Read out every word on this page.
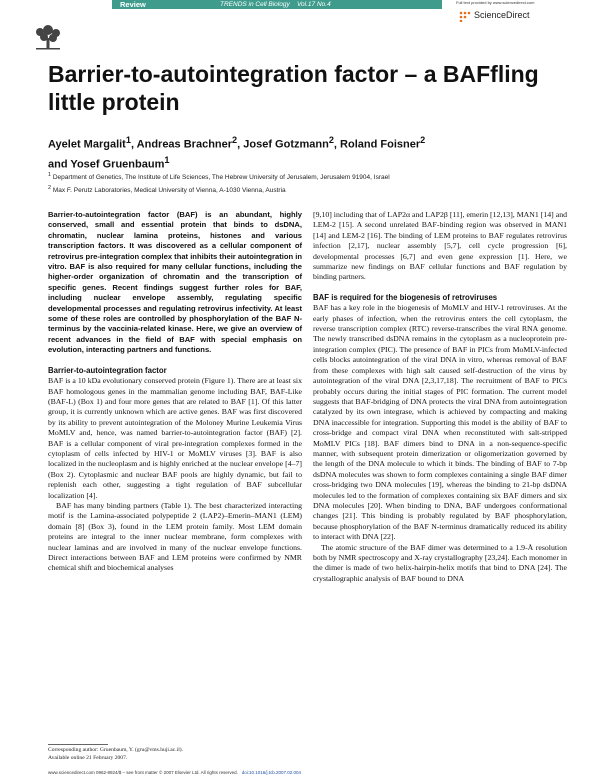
Review	TRENDS in Cell Biology Vol.17 No.4	Full text provided by www.sciencedirect.com
ScienceDirect
Barrier-to-autointegration factor – a BAFfling little protein
Ayelet Margalit$^1$, Andreas Brachner$^2$, Josef Gotzmann$^2$, Roland Foisner$^2$
and Yosef Gruenbaum$^1$
$^1$ Department of Genetics, The Institute of Life Sciences, The Hebrew University of Jerusalem, Jerusalem 91904, Israel
$^2$ Max F. Perutz Laboratories, Medical University of Vienna, A-1030 Vienna, Austria

Barrier-to-autointegration factor (BAF) is an abundant, highly conserved, small and essential protein that binds to dsDNA, chromatin, nuclear lamina proteins, histones and various transcription factors. It was discovered as a cellular component of retrovirus pre-integration complex that inhibits their autointegration in vitro. BAF is also required for many cellular functions, including the higher-order organization of chromatin and the transcription of specific genes. Recent findings suggest further roles for BAF, including nuclear envelope assembly, regulating specific developmental processes and regulating retrovirus infectivity. At least some of these roles are controlled by phosphorylation of the BAF N-terminus by the vaccinia-related kinase. Here, we give an overview of recent advances in the field of BAF with special emphasis on evolution, interacting partners and functions.

Barrier-to-autointegration factor

BAF is a 10 kDa evolutionary conserved protein (Figure 1). There are at least six BAF homologous genes in the mammalian genome including BAF, BAF-Like (BAF-L) (Box 1) and four more genes that are related to BAF [1]. Of this latter group, it is currently unknown which are active genes. BAF was first discovered by its ability to prevent autointegration of the Moloney Murine Leukemia Virus MoMLV and, hence, was named barrier-to-autointegration factor (BAF) [2]. BAF is a cellular component of viral pre-integration complexes formed in the cytoplasm of cells infected by HIV-1 or MoMLV viruses [3]. BAF is also localized in the nucleoplasm and is highly enriched at the nuclear envelope [4–7] (Box 2). Cytoplasmic and nuclear BAF pools are highly dynamic, but fail to replenish each other, suggesting a tight regulation of BAF subcellular localization [4].

BAF has many binding partners (Table 1). The best characterized interacting motif is the Lamina-associated polypeptide 2 (LAP2)–Emerin–MAN1 (LEM) domain [8] (Box 3), found in the LEM protein family. Most LEM domain proteins are integral to the inner nuclear membrane, form complexes with nuclear laminas and are involved in many of the nuclear envelope functions. Direct interactions between BAF and LEM proteins were confirmed by NMR chemical shift and biochemical analyses

[9,10] including that of LAP2α and LAP2β [11], emerin [12,13], MAN1 [14] and LEM-2 [15]. A second unrelated BAF-binding region was observed in MAN1 [14] and LEM-2 [16]. The binding of LEM proteins to BAF regulates retrovirus infection [2,17], nuclear assembly [5,7], cell cycle progression [6], developmental processes [6,7] and even gene expression [1]. Here, we summarize new findings on BAF cellular functions and BAF regulation by binding partners.

BAF is required for the biogenesis of retroviruses

BAF has a key role in the biogenesis of MoMLV and HIV-1 retroviruses. At the early phases of infection, when the retrovirus enters the cell cytoplasm, the reverse transcription complex (RTC) reverse-transcribes the viral RNA genome. The newly transcribed dsDNA remains in the cytoplasm as a nucleoprotein pre-integration complex (PIC). The presence of BAF in PICs from MoMLV-infected cells blocks autointegration of the viral DNA in vitro, whereas removal of BAF from these complexes with high salt caused self-destruction of the virus by autointegration of the viral DNA [2,3,17,18]. The recruitment of BAF to PICs probably occurs during the initial stages of PIC formation. The current model suggests that BAF-bridging of DNA protects the viral DNA from autointegration catalyzed by its own integrase, which is achieved by compacting and making DNA inaccessible for integration. Supporting this model is the ability of BAF to cross-bridge and compact viral DNA when reconstituted with salt-stripped MoMLV PICs [18]. BAF dimers bind to DNA in a non-sequence-specific manner, with subsequent protein dimerization or oligomerization governed by the length of the DNA molecule to which it binds. The binding of BAF to 7-bp dsDNA molecules was shown to form complexes containing a single BAF dimer cross-bridging two DNA molecules [19], whereas the binding to 21-bp dsDNA molecules led to the formation of complexes containing six BAF dimers and six DNA molecules [20]. When binding to DNA, BAF undergoes conformational changes [21]. This binding is probably regulated by BAF phosphorylation, because phosphorylation of the BAF N-terminus dramatically reduced its ability to interact with DNA [22].

The atomic structure of the BAF dimer was determined to a 1.9-Å resolution both by NMR spectroscopy and X-ray crystallography [23,24]. Each monomer in the dimer is made of two helix-hairpin-helix motifs that bind to DNA [24]. The crystallographic analysis of BAF bound to DNA

Corresponding author: Gruenbaum, Y. (gru@vms.huji.ac.il).
Available online 21 February 2007.
www.sciencedirect.com 0962-8924/$ – see front matter © 2007 Elsevier Ltd. All rights reserved. doi:10.1016/j.tcb.2007.02.004
